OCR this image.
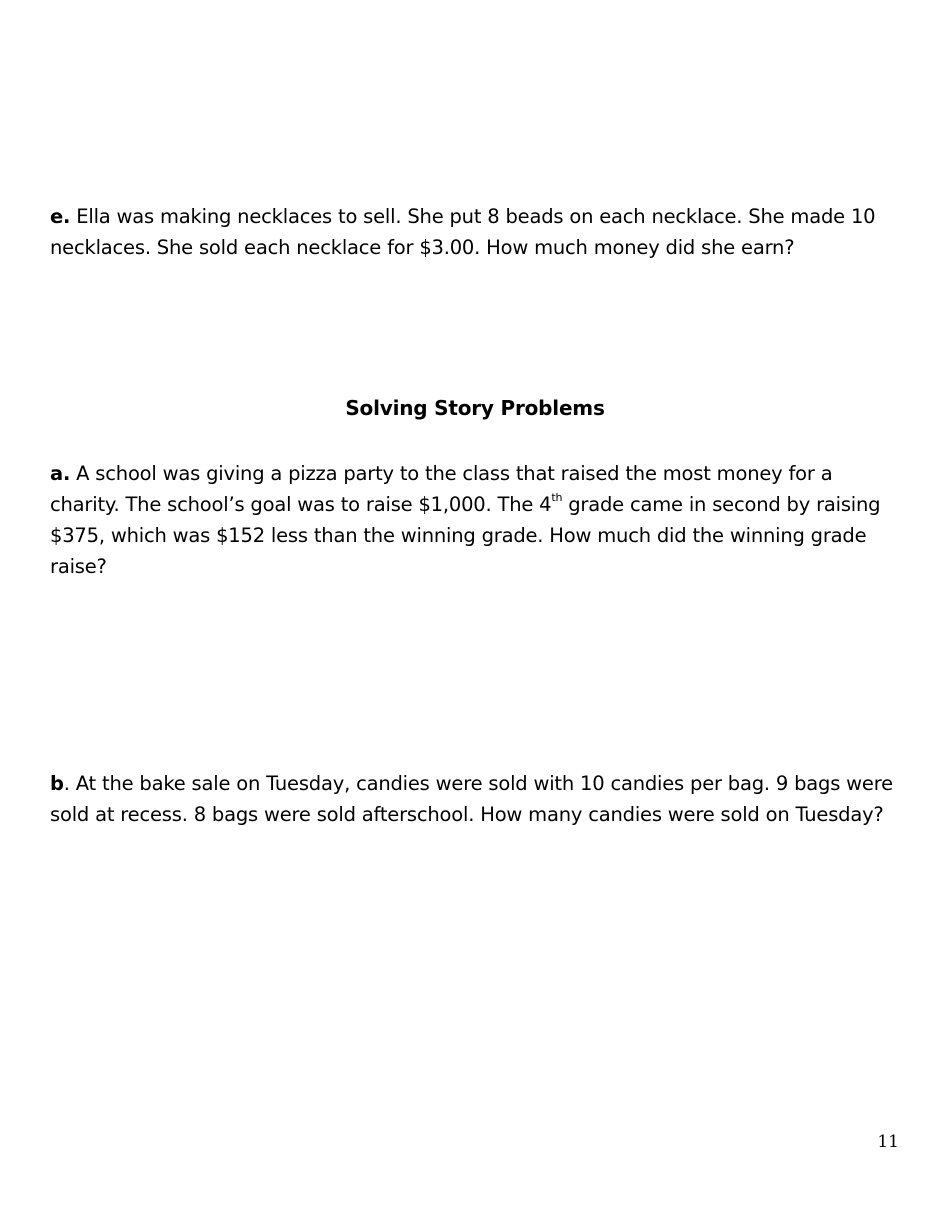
e. Ella was making necklaces to sell. She put 8 beads on each necklace. She made 10 necklaces. She sold each necklace for $3.00. How much money did she earn?

Solving Story Problems

a. A school was giving a pizza party to the class that raised the most money for a charity. The school’s goal was to raise $1,000. The 4th grade came in second by raising $375, which was $152 less than the winning grade. How much did the winning grade raise?

b. At the bake sale on Tuesday, candies were sold with 10 candies per bag. 9 bags were sold at recess. 8 bags were sold afterschool. How many candies were sold on Tuesday?

11
